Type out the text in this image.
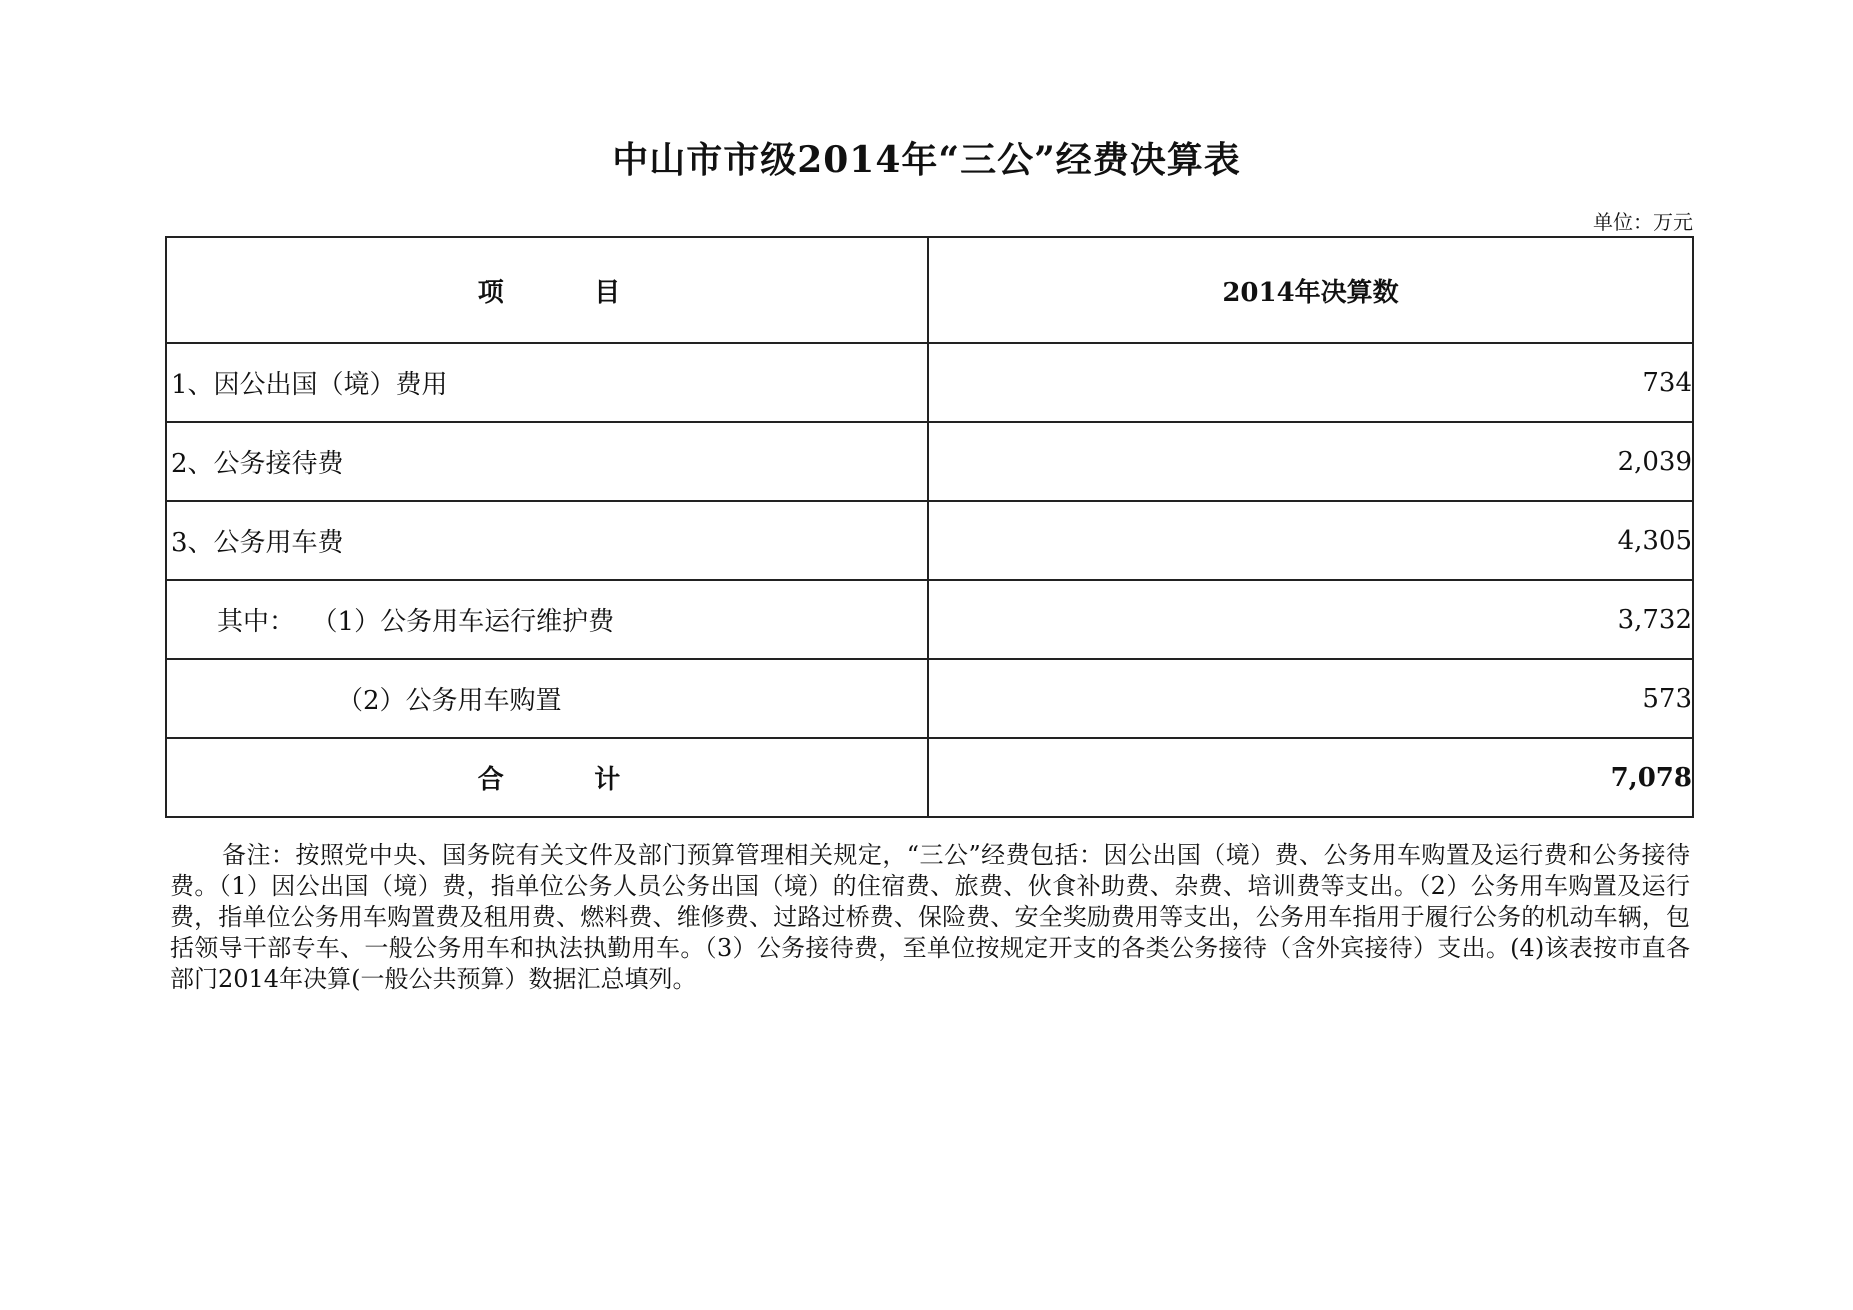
中山市市级2014年“三公”经费决算表
单位：万元
项          目	2014年决算数
1、因公出国（境）费用	734
2、公务接待费	2,039
3、公务用车费	4,305
其中：  （1）公务用车运行维护费	3,732
（2）公务用车购置	573
合          计	7,078
备注：按照党中央、国务院有关文件及部门预算管理相关规定，“三公”经费包括：因公出国（境）费、公务用车购置及运行费和公务接待费。（1）因公出国（境）费，指单位公务人员公务出国（境）的住宿费、旅费、伙食补助费、杂费、培训费等支出。（2）公务用车购置及运行费，指单位公务用车购置费及租用费、燃料费、维修费、过路过桥费、保险费、安全奖励费用等支出，公务用车指用于履行公务的机动车辆，包括领导干部专车、一般公务用车和执法执勤用车。（3）公务接待费，至单位按规定开支的各类公务接待（含外宾接待）支出。(4)该表按市直各部门2014年决算(一般公共预算）数据汇总填列。
